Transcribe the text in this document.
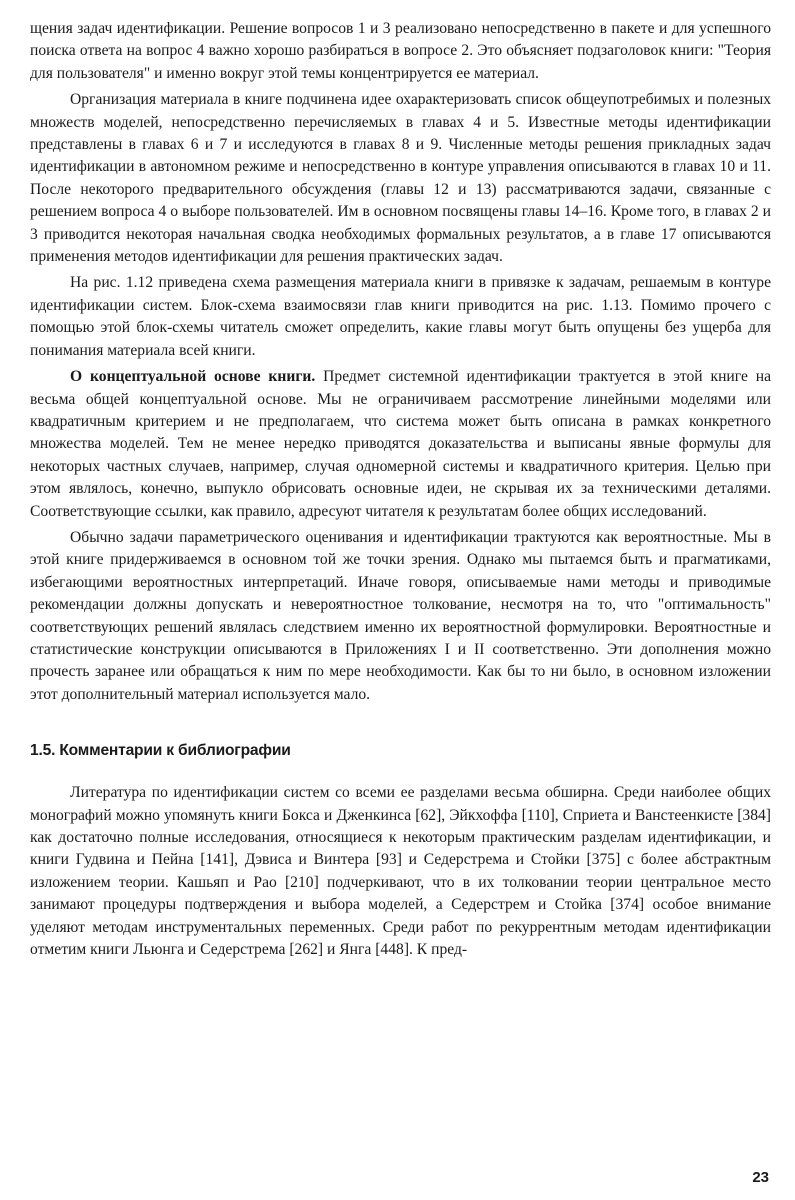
щения задач идентификации. Решение вопросов 1 и 3 реализовано непосредственно в пакете и для успешного поиска ответа на вопрос 4 важно хорошо разбираться в вопросе 2. Это объясняет подзаголовок книги: "Теория для пользователя" и именно вокруг этой темы концентрируется ее материал.

Организация материала в книге подчинена идее охарактеризовать список общеупотребимых и полезных множеств моделей, непосредственно перечисляемых в главах 4 и 5. Известные методы идентификации представлены в главах 6 и 7 и исследуются в главах 8 и 9. Численные методы решения прикладных задач идентификации в автономном режиме и непосредственно в контуре управления описываются в главах 10 и 11. После некоторого предварительного обсуждения (главы 12 и 13) рассматриваются задачи, связанные с решением вопроса 4 о выборе пользователей. Им в основном посвящены главы 14–16. Кроме того, в главах 2 и 3 приводится некоторая начальная сводка необходимых формальных результатов, а в главе 17 описываются применения методов идентификации для решения практических задач.

На рис. 1.12 приведена схема размещения материала книги в привязке к задачам, решаемым в контуре идентификации систем. Блок-схема взаимосвязи глав книги приводится на рис. 1.13. Помимо прочего с помощью этой блок-схемы читатель сможет определить, какие главы могут быть опущены без ущерба для понимания материала всей книги.

О концептуальной основе книги. Предмет системной идентификации трактуется в этой книге на весьма общей концептуальной основе. Мы не ограничиваем рассмотрение линейными моделями или квадратичным критерием и не предполагаем, что система может быть описана в рамках конкретного множества моделей. Тем не менее нередко приводятся доказательства и выписаны явные формулы для некоторых частных случаев, например, случая одномерной системы и квадратичного критерия. Целью при этом являлось, конечно, выпукло обрисовать основные идеи, не скрывая их за техническими деталями. Соответствующие ссылки, как правило, адресуют читателя к результатам более общих исследований.

Обычно задачи параметрического оценивания и идентификации трактуются как вероятностные. Мы в этой книге придерживаемся в основном той же точки зрения. Однако мы пытаемся быть и прагматиками, избегающими вероятностных интерпретаций. Иначе говоря, описываемые нами методы и приводимые рекомендации должны допускать и невероятностное толкование, несмотря на то, что "оптимальность" соответствующих решений являлась следствием именно их вероятностной формулировки. Вероятностные и статистические конструкции описываются в Приложениях I и II соответственно. Эти дополнения можно прочесть заранее или обращаться к ним по мере необходимости. Как бы то ни было, в основном изложении этот дополнительный материал используется мало.

1.5. Комментарии к библиографии

Литература по идентификации систем со всеми ее разделами весьма обширна. Среди наиболее общих монографий можно упомянуть книги Бокса и Дженкинса [62], Эйкхоффа [110], Сприета и Ванстеенкисте [384] как достаточно полные исследования, относящиеся к некоторым практическим разделам идентификации, и книги Гудвина и Пейна [141], Дэвиса и Винтера [93] и Седерстрема и Стойки [375] с более абстрактным изложением теории. Кашьяп и Рао [210] подчеркивают, что в их толковании теории центральное место занимают процедуры подтверждения и выбора моделей, а Седерстрем и Стойка [374] особое внимание уделяют методам инструментальных переменных. Среди работ по рекуррентным методам идентификации отметим книги Льюнга и Седерстрема [262] и Янга [448]. К пред-

23
